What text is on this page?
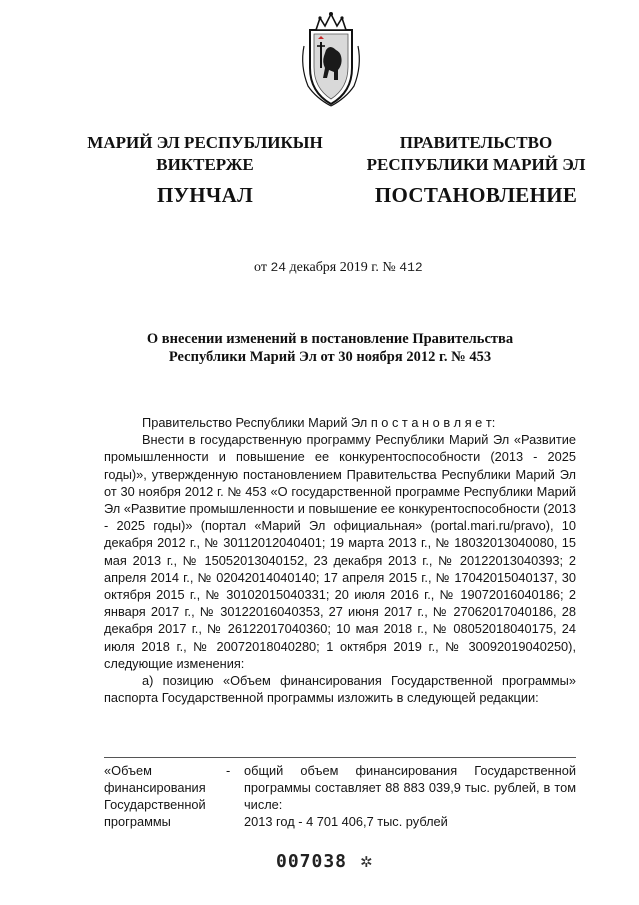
МАРИЙ ЭЛ РЕСПУБЛИКЫН
ВИКТЕРЖЕ
ПУНЧАЛ
ПРАВИТЕЛЬСТВО
РЕСПУБЛИКИ МАРИЙ ЭЛ
ПОСТАНОВЛЕНИЕ
от 24 декабря 2019 г. № 412
О внесении изменений в постановление Правительства
Республики Марий Эл от 30 ноября 2012 г. № 453

Правительство Республики Марий Эл п о с т а н о в л я е т:

Внести в государственную программу Республики Марий Эл «Развитие промышленности и повышение ее конкурентоспособности (2013 - 2025 годы)», утвержденную постановлением Правительства Республики Марий Эл от 30 ноября 2012 г. № 453 «О государственной программе Республики Марий Эл «Развитие промышленности и повышение ее конкурентоспособности (2013 - 2025 годы)» (портал «Марий Эл официальная» (portal.mari.ru/pravo), 10 декабря 2012 г., № 30112012040401; 19 марта 2013 г., № 18032013040080, 15 мая 2013 г., № 15052013040152, 23 декабря 2013 г., № 20122013040393; 2 апреля 2014 г., № 02042014040140; 17 апреля 2015 г., № 17042015040137, 30 октября 2015 г., № 30102015040331; 20 июля 2016 г., № 19072016040186; 2 января 2017 г., № 30122016040353, 27 июня 2017 г., № 27062017040186, 28 декабря 2017 г., № 26122017040360; 10 мая 2018 г., № 08052018040175, 24 июля 2018 г., № 20072018040280; 1 октября 2019 г., № 30092019040250), следующие изменения:

а) позицию «Объем финансирования Государственной программы» паспорта Государственной программы изложить в следующей редакции:

«Объем финансирования Государственной программы
-	общий объем финансирования Государственной программы составляет 88 883 039,9 тыс. рублей, в том числе:
2013 год - 4 701 406,7 тыс. рублей
007038 ✲
